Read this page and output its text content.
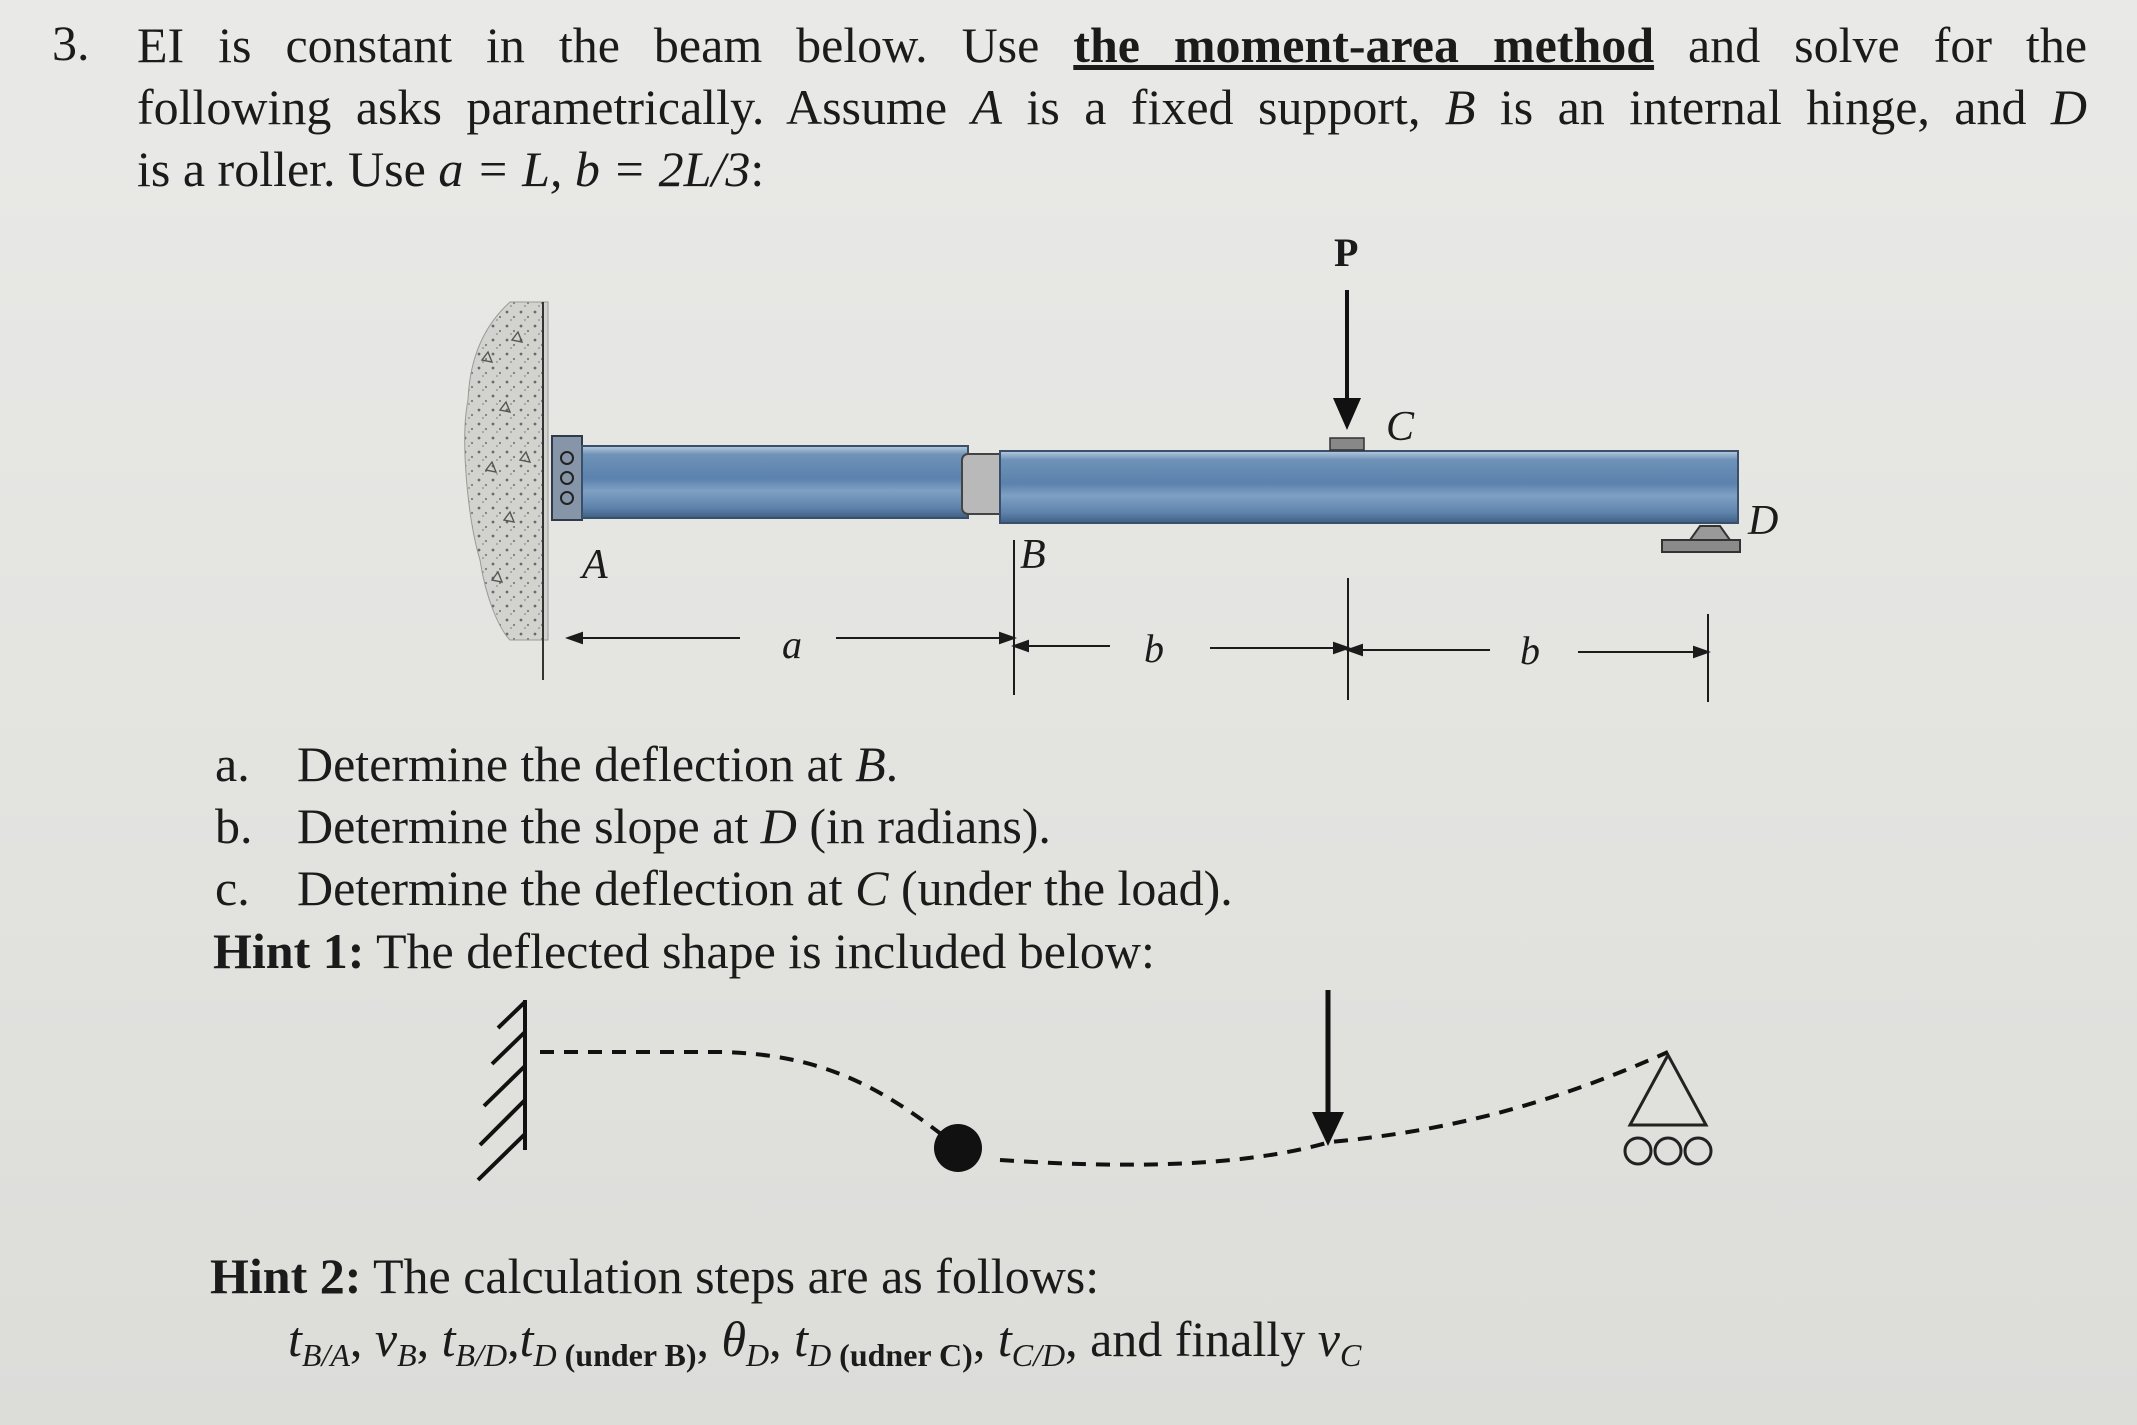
3. EI is constant in the beam below. Use the moment-area method and solve for the
following asks parametrically. Assume A is a fixed support, B is an internal hinge, and D
is a roller. Use a = L, b = 2L/3:
P
C
D
A	B
a	b	b
a. Determine the deflection at B.
b. Determine the slope at D (in radians).
c. Determine the deflection at C (under the load).
Hint 1: The deflected shape is included below:
Hint 2: The calculation steps are as follows:
$t_{B/A}$, $v_B$, $t_{B/D},t_{D (under B)}$, $\theta_D$, $t_{D (udner C)}$, $t_{C/D}$, and finally $v_C$
